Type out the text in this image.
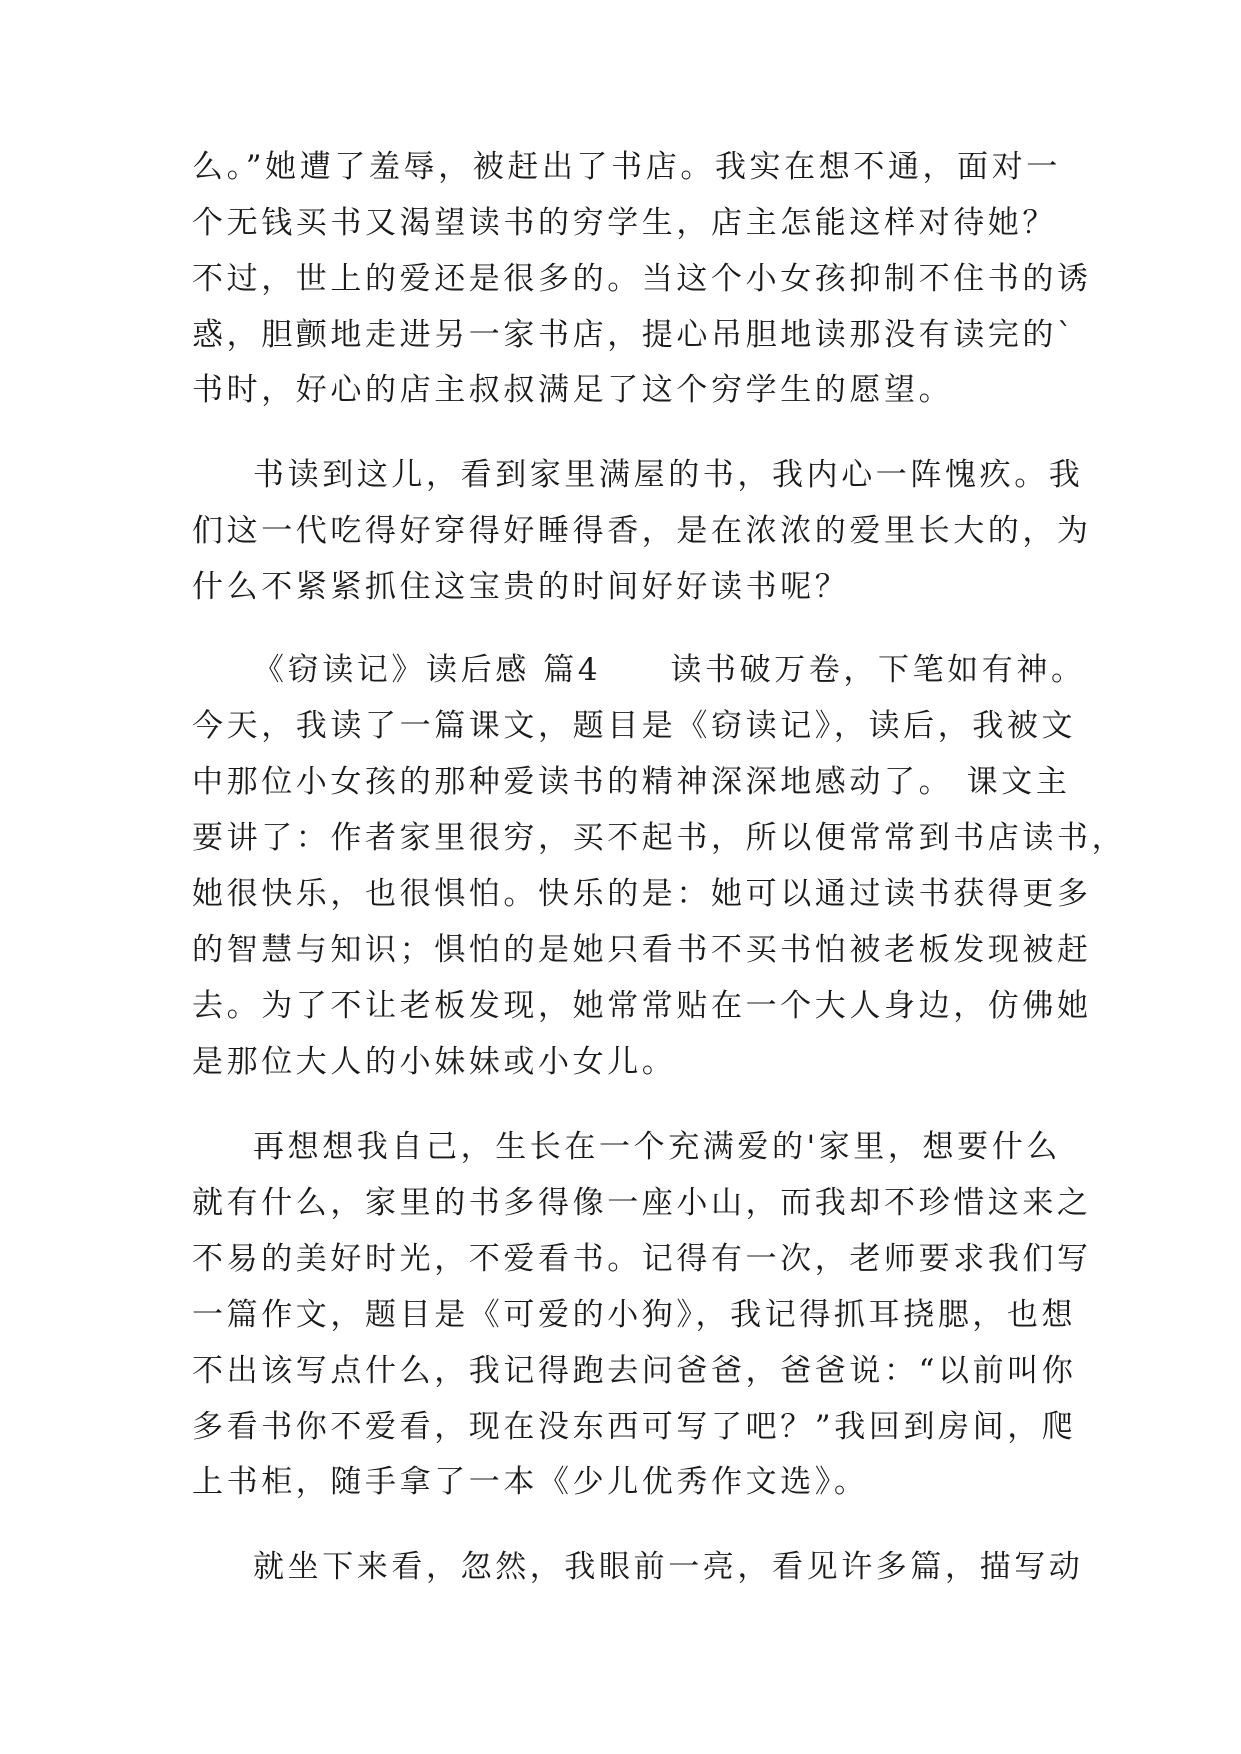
么。”她遭了羞辱，被赶出了书店。我实在想不通，面对一
个无钱买书又渴望读书的穷学生，店主怎能这样对待她？
不过，世上的爱还是很多的。当这个小女孩抑制不住书的诱
惑，胆颤地走进另一家书店，提心吊胆地读那没有读完的`
书时，好心的店主叔叔满足了这个穷学生的愿望。
书读到这儿，看到家里满屋的书，我内心一阵愧疚。我
们这一代吃得好穿得好睡得香，是在浓浓的爱里长大的，为
什么不紧紧抓住这宝贵的时间好好读书呢？
《窃读记》读后感 篇4　　读书破万卷，下笔如有神。
今天，我读了一篇课文，题目是《窃读记》，读后，我被文
中那位小女孩的那种爱读书的精神深深地感动了。 课文主
要讲了：作者家里很穷，买不起书，所以便常常到书店读书，
她很快乐，也很惧怕。快乐的是：她可以通过读书获得更多
的智慧与知识；惧怕的是她只看书不买书怕被老板发现被赶
去。为了不让老板发现，她常常贴在一个大人身边，仿佛她
是那位大人的小妹妹或小女儿。
再想想我自己，生长在一个充满爱的'家里，想要什么
就有什么，家里的书多得像一座小山，而我却不珍惜这来之
不易的美好时光，不爱看书。记得有一次，老师要求我们写
一篇作文，题目是《可爱的小狗》，我记得抓耳挠腮，也想
不出该写点什么，我记得跑去问爸爸，爸爸说：“以前叫你
多看书你不爱看，现在没东西可写了吧？”我回到房间，爬
上书柜，随手拿了一本《少儿优秀作文选》。
就坐下来看，忽然，我眼前一亮，看见许多篇，描写动
